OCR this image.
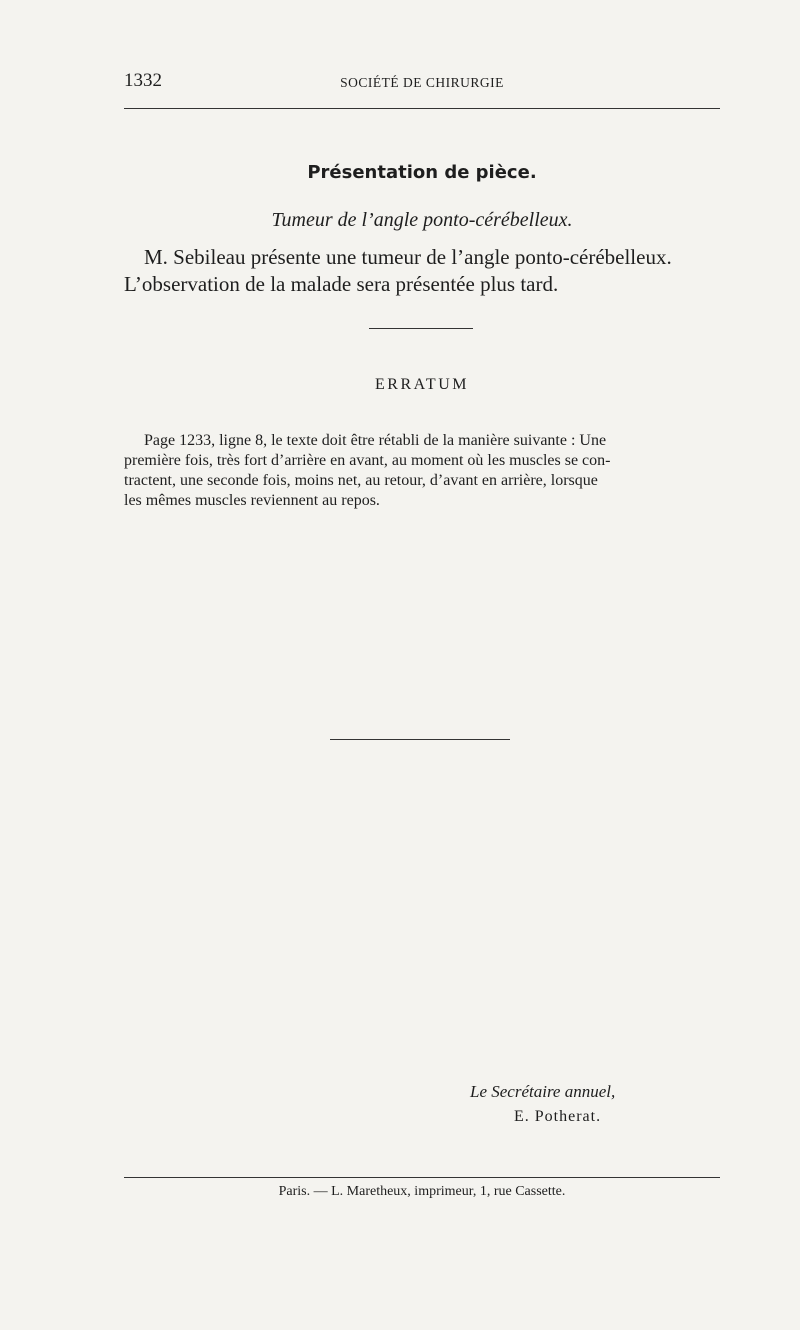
1332	SOCIÉTÉ DE CHIRURGIE
Présentation de pièce.
Tumeur de l’angle ponto-cérébelleux.
M. Sebileau présente une tumeur de l’angle ponto-cérébelleux.
L’observation de la malade sera présentée plus tard.
ERRATUM
Page 1233, ligne 8, le texte doit être rétabli de la manière suivante : Une
première fois, très fort d’arrière en avant, au moment où les muscles se con-
tractent, une seconde fois, moins net, au retour, d’avant en arrière, lorsque
les mêmes muscles reviennent au repos.
Le Secrétaire annuel,
E. Potherat.
Paris. — L. Maretheux, imprimeur, 1, rue Cassette.
